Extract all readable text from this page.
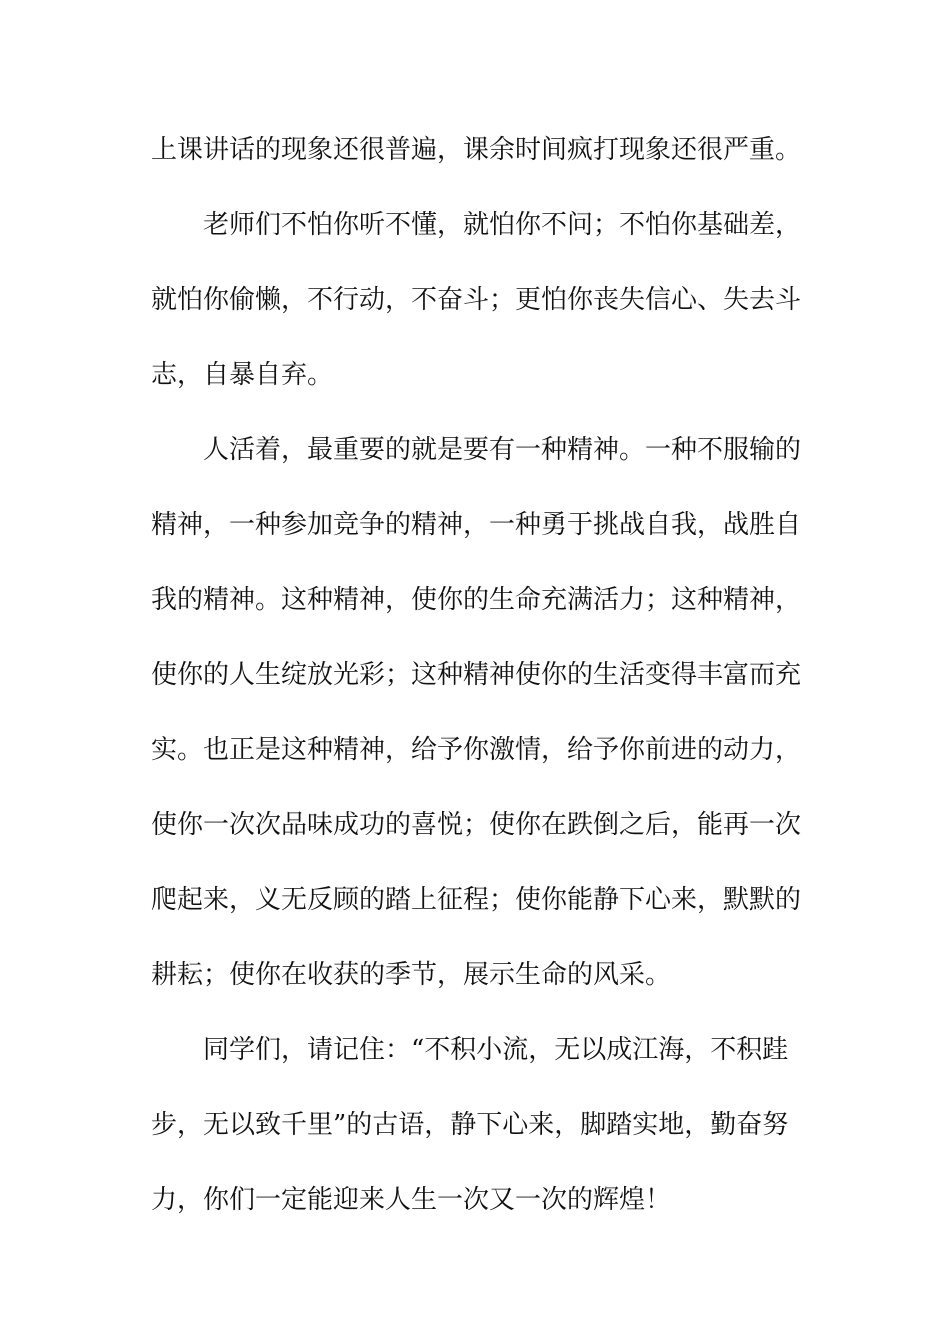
上课讲话的现象还很普遍，课余时间疯打现象还很严重。
老师们不怕你听不懂，就怕你不问；不怕你基础差，
就怕你偷懒，不行动，不奋斗；更怕你丧失信心、失去斗
志，自暴自弃。
人活着，最重要的就是要有一种精神。一种不服输的
精神，一种参加竞争的精神，一种勇于挑战自我，战胜自
我的精神。这种精神，使你的生命充满活力；这种精神，
使你的人生绽放光彩；这种精神使你的生活变得丰富而充
实。也正是这种精神，给予你激情，给予你前进的动力，
使你一次次品味成功的喜悦；使你在跌倒之后，能再一次
爬起来，义无反顾的踏上征程；使你能静下心来，默默的
耕耘；使你在收获的季节，展示生命的风采。
同学们，请记住：“不积小流，无以成江海，不积跬
步，无以致千里”的古语，静下心来，脚踏实地，勤奋努
力，你们一定能迎来人生一次又一次的辉煌！
